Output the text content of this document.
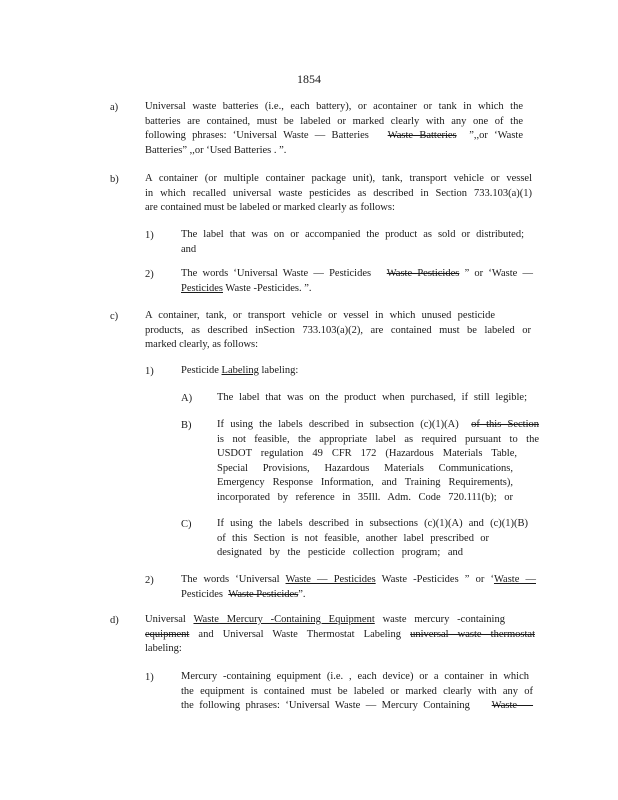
1854
a)	Universal waste batteries (i.e., each battery), or acontainer or tank in which the
batteries are contained, must be labeled or marked clearly with any one of the
following phrases: ‘Universal Waste — Batteries Waste Batteries ”,,or ‘Waste
Batteries” ,,or ‘Used Batteries . ”.
b)	A container (or multiple container package unit), tank, transport vehicle or vessel
in which recalled universal waste pesticides as described in Section 733.103(a)(1)
are contained must be labeled or marked clearly as follows:
1)	The label that was on or accompanied the product as sold or distributed;
and
2)	The words ‘Universal Waste — Pesticides Waste Pesticides ” or ‘Waste —
Pesticides Waste -Pesticides. ”.
c)	A container, tank, or transport vehicle or vessel in which unused pesticide
products, as described inSection 733.103(a)(2), are contained must be labeled or
marked clearly, as follows:
1)	Pesticide Labeling labeling:
A) The label that was on the product when purchased, if still legible;
B) If using the labels described in subsection (c)(1)(A) of this Section
is not feasible, the appropriate label as required pursuant to the
USDOT regulation 49 CFR 172 (Hazardous Materials Table,
Special Provisions, Hazardous Materials Communications,
Emergency Response Information, and Training Requirements),
incorporated by reference in 35Ill. Adm. Code 720.111(b); or
C) If using the labels described in subsections (c)(1)(A) and (c)(1)(B)
of this Section is not feasible, another label prescribed or
designated by the pesticide collection program; and
2)	The words ‘Universal Waste — Pesticides Waste -Pesticides ” or ‘Waste —
Pesticides  Waste Pesticides”.
d)	Universal Waste Mercury -Containing Equipment waste mercury -containing
equipment and Universal Waste Thermostat Labeling universal waste thermostat
labeling:
1)	Mercury -containing equipment (i.e. , each device) or a container in which
the equipment is contained must be labeled or marked clearly with any of
the following phrases: ‘Universal Waste — Mercury Containing Waste —
